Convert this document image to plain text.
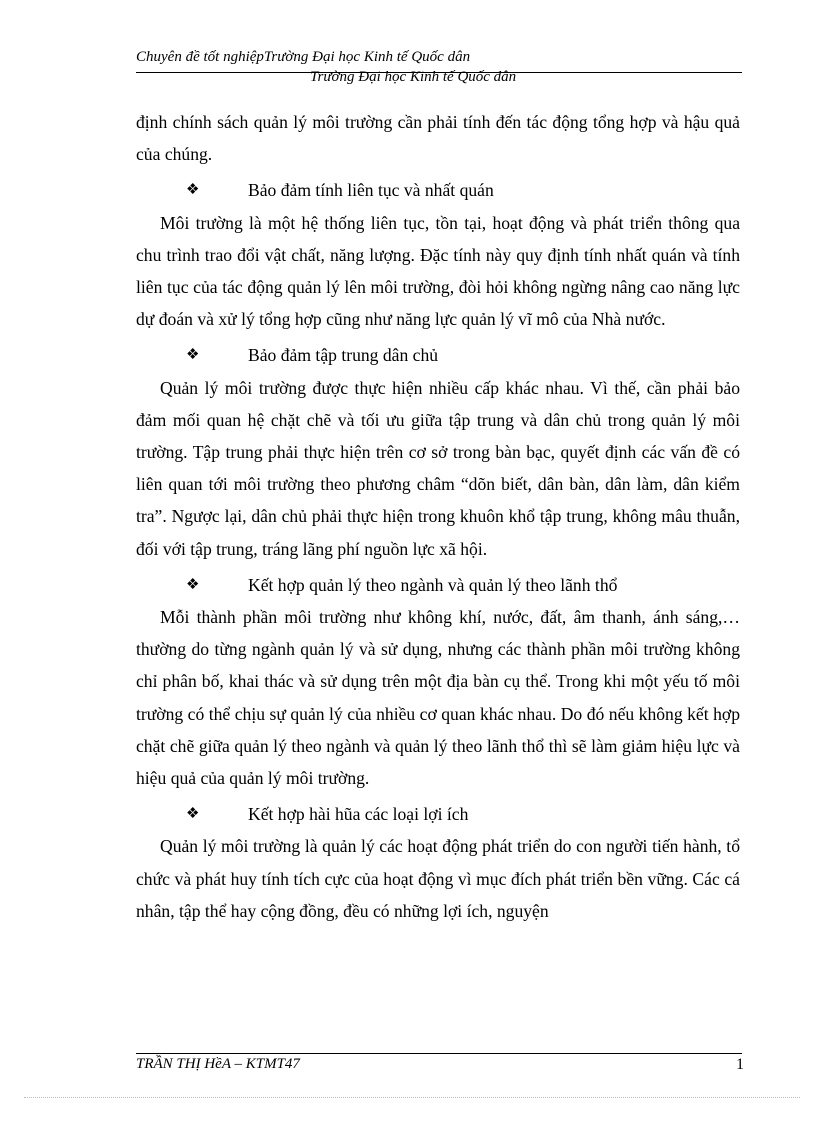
Chuyên đề tốt nghiệpTrường Đại học Kinh tế Quốc dân
Trường Đại học Kinh tế Quốc dân

định chính sách quản lý môi trường cần phải tính đến tác động tổng hợp và hậu quả của chúng.

❖	Bảo đảm tính liên tục và nhất quán

Môi trường là một hệ thống liên tục, tồn tại, hoạt động và phát triển thông qua chu trình trao đổi vật chất, năng lượng. Đặc tính này quy định tính nhất quán và tính liên tục của tác động quản lý lên môi trường, đòi hỏi không ngừng nâng cao năng lực dự đoán và xử lý tổng hợp cũng như năng lực quản lý vĩ mô của Nhà nước.

❖	Bảo đảm tập trung dân chủ

Quản lý môi trường được thực hiện nhiều cấp khác nhau. Vì thế, cần phải bảo đảm mối quan hệ chặt chẽ và tối ưu giữa tập trung và dân chủ trong quản lý môi trường. Tập trung phải thực hiện trên cơ sở trong bàn bạc, quyết định các vấn đề có liên quan tới môi trường theo phương châm “dõn biết, dân bàn, dân làm, dân kiểm tra”. Ngược lại, dân chủ phải thực hiện trong khuôn khổ tập trung, không mâu thuẫn, đối với tập trung, tráng lãng phí nguồn lực xã hội.

❖	Kết hợp quản lý theo ngành và quản lý theo lãnh thổ

Mỗi thành phần môi trường như không khí, nước, đất, âm thanh, ánh sáng,… thường do từng ngành quản lý và sử dụng, nhưng các thành phần môi trường không chỉ phân bố, khai thác và sử dụng trên một địa bàn cụ thể. Trong khi một yếu tố môi trường có thể chịu sự quản lý của nhiều cơ quan khác nhau. Do đó nếu không kết hợp chặt chẽ giữa quản lý theo ngành và quản lý theo lãnh thổ thì sẽ làm giảm hiệu lực và hiệu quả của quản lý môi trường.

❖	Kết hợp hài hũa các loại lợi ích

Quản lý môi trường là quản lý các hoạt động phát triển do con người tiến hành, tổ chức và phát huy tính tích cực của hoạt động vì mục đích phát triển bền vững. Các cá nhân, tập thể hay cộng đồng, đều có những lợi ích, nguyện

TRẦN THỊ HềA – KTMT47	1
